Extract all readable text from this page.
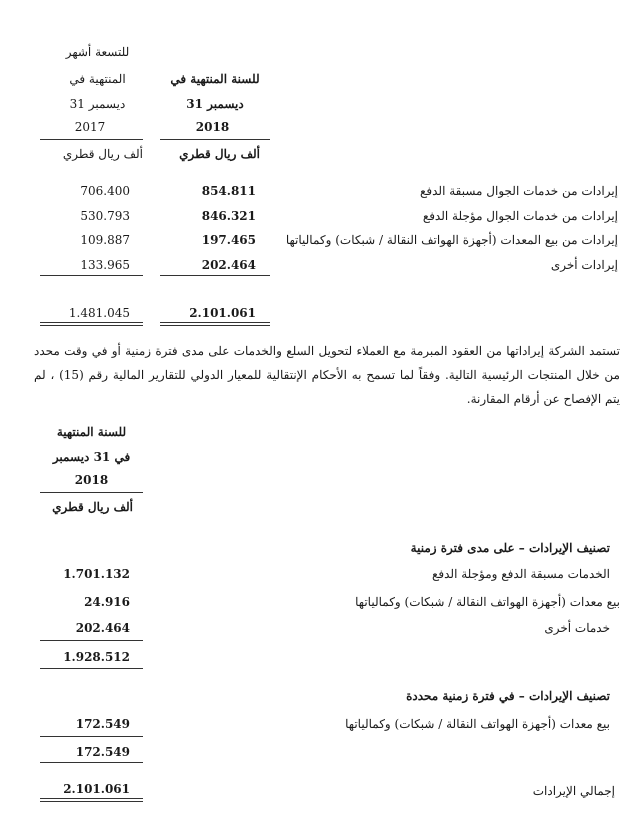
للتسعة أشهر
المنتهية في
31 ديسمبر
2017
ألف ريال قطري
للسنة المنتهية في
31 ديسمبر
2018
ألف ريال قطري
إيرادات من خدمات الجوال مسبقة الدفع
854.811
706.400
إيرادات من خدمات الجوال مؤجلة الدفع
846.321
530.793
إيرادات من بيع المعدات (أجهزة الهواتف النقالة / شبكات) وكمالياتها
197.465
109.887
إيرادات أخرى
202.464
133.965
2.101.061
1.481.045
تستمد الشركة إيراداتها من العقود المبرمة مع العملاء لتحويل السلع والخدمات على مدى فترة زمنية أو في وقت محدد من خلال المنتجات الرئيسية التالية. وفقاً لما تسمح به الأحكام الإنتقالية للمعيار الدولي للتقارير المالية رقم (15) ، لم يتم الإفصاح عن أرقام المقارنة.
للسنة المنتهية
في 31 ديسمبر
2018
ألف ريال قطري
تصنيف الإيرادات – على مدى فترة زمنية
الخدمات مسبقة الدفع ومؤجلة الدفع
1.701.132
بيع معدات (أجهزة الهواتف النقالة / شبكات) وكمالياتها
24.916
خدمات أخرى
202.464
1.928.512
تصنيف الإيرادات – في فترة زمنية محددة
بيع معدات (أجهزة الهواتف النقالة / شبكات) وكمالياتها
172.549
172.549
إجمالي الإيرادات
2.101.061
